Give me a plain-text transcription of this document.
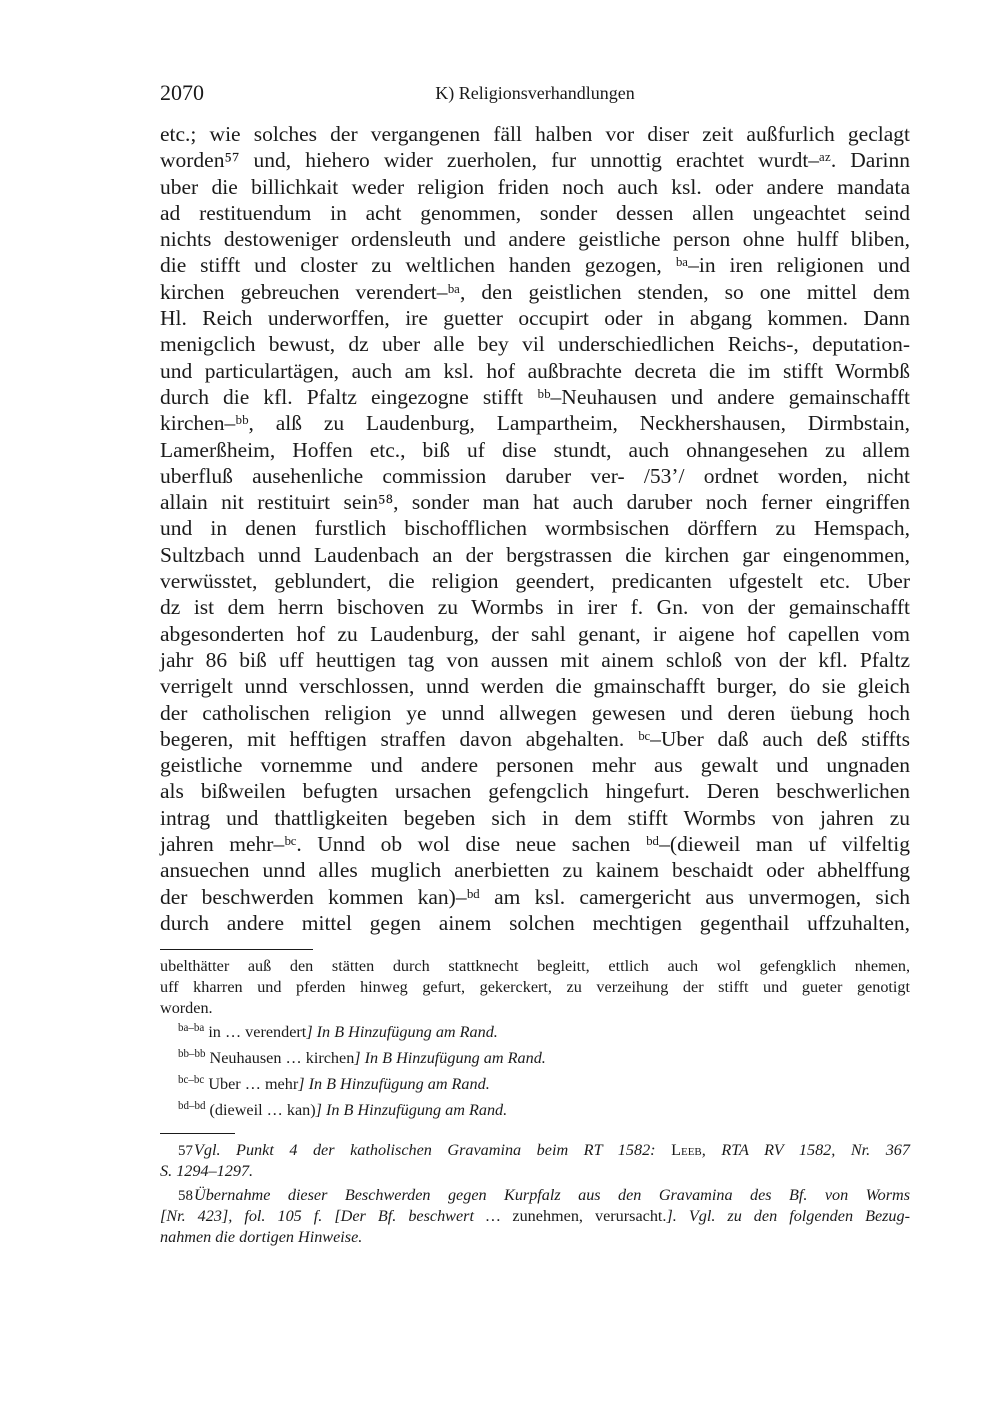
2070	K) Religionsverhandlungen
etc.; wie solches der vergangenen fäll halben vor diser zeit außfurlich geclagt
worden⁵⁷ und, hiehero wider zuerholen, fur unnottig erachtet wurdt–ᵃᶻ. Darinn
uber die billichkait weder religion friden noch auch ksl. oder andere mandata
ad restituendum in acht genommen, sonder dessen allen ungeachtet seind
nichts destoweniger ordensleuth und andere geistliche person ohne hulff bliben,
die stifft und closter zu weltlichen handen gezogen, ᵇᵃ–in iren religionen und
kirchen gebreuchen verendert–ᵇᵃ, den geistlichen stenden, so one mittel dem
Hl. Reich underworffen, ire guetter occupirt oder in abgang kommen. Dann
menigclich bewust, dz uber alle bey vil underschiedlichen Reichs-, deputation-
und particulartägen, auch am ksl. hof außbrachte decreta die im stifft Wormbß
durch die kfl. Pfaltz eingezogne stifft ᵇᵇ–Neuhausen und andere gemainschafft
kirchen–ᵇᵇ, alß zu Laudenburg, Lampartheim, Neckhershausen, Dirmbstain,
Lamerßheim, Hoffen etc., biß uf dise stundt, auch ohnangesehen zu allem
uberfluß ausehenliche commission daruber ver- /53’/ ordnet worden, nicht
allain nit restituirt sein⁵⁸, sonder man hat auch daruber noch ferner eingriffen
und in denen furstlich bischofflichen wormbsischen dörffern zu Hemspach,
Sultzbach unnd Laudenbach an der bergstrassen die kirchen gar eingenommen,
verwüsstet, geblundert, die religion geendert, predicanten ufgestelt etc. Uber
dz ist dem herrn bischoven zu Wormbs in irer f. Gn. von der gemainschafft
abgesonderten hof zu Laudenburg, der sahl genant, ir aigene hof capellen vom
jahr 86 biß uff heuttigen tag von aussen mit ainem schloß von der kfl. Pfaltz
verrigelt unnd verschlossen, unnd werden die gmainschafft burger, do sie gleich
der catholischen religion ye unnd allwegen gewesen und deren üebung hoch
begeren, mit hefftigen straffen davon abgehalten. ᵇᶜ–Uber daß auch deß stiffts
geistliche vornemme und andere personen mehr aus gewalt und ungnaden
als bißweilen befugten ursachen gefengclich hingefurt. Deren beschwerlichen
intrag und thattligkeiten begeben sich in dem stifft Wormbs von jahren zu
jahren mehr–ᵇᶜ. Unnd ob wol dise neue sachen ᵇᵈ–(dieweil man uf vilfeltig
ansuechen unnd alles muglich anerbietten zu kainem beschaidt oder abhelffung
der beschwerden kommen kan)–ᵇᵈ am ksl. camergericht aus unvermogen, sich
durch andere mittel gegen ainem solchen mechtigen gegenthail uffzuhalten,
ubelthätter auß den stätten durch stattknecht begleitt, ettlich auch wol gefengklich nhemen,
uff kharren und pferden hinweg gefurt, gekerckert, zu verzeihung der stifft und gueter genotigt
worden.
$^{ba-ba}$ in … verendert] In B Hinzufügung am Rand.
$^{bb-bb}$ Neuhausen … kirchen] In B Hinzufügung am Rand.
$^{bc-bc}$ Uber … mehr] In B Hinzufügung am Rand.
$^{bd-bd}$ (dieweil … kan)] In B Hinzufügung am Rand.
57Vgl. Punkt 4 der katholischen Gravamina beim RT 1582: Leeb, RTA RV 1582, Nr. 367
S. 1294–1297.
58Übernahme dieser Beschwerden gegen Kurpfalz aus den Gravamina des Bf. von Worms
[Nr. 423], fol. 105 f. [Der Bf. beschwert … zunehmen, verursacht.]. Vgl. zu den folgenden Bezug-
nahmen die dortigen Hinweise.
